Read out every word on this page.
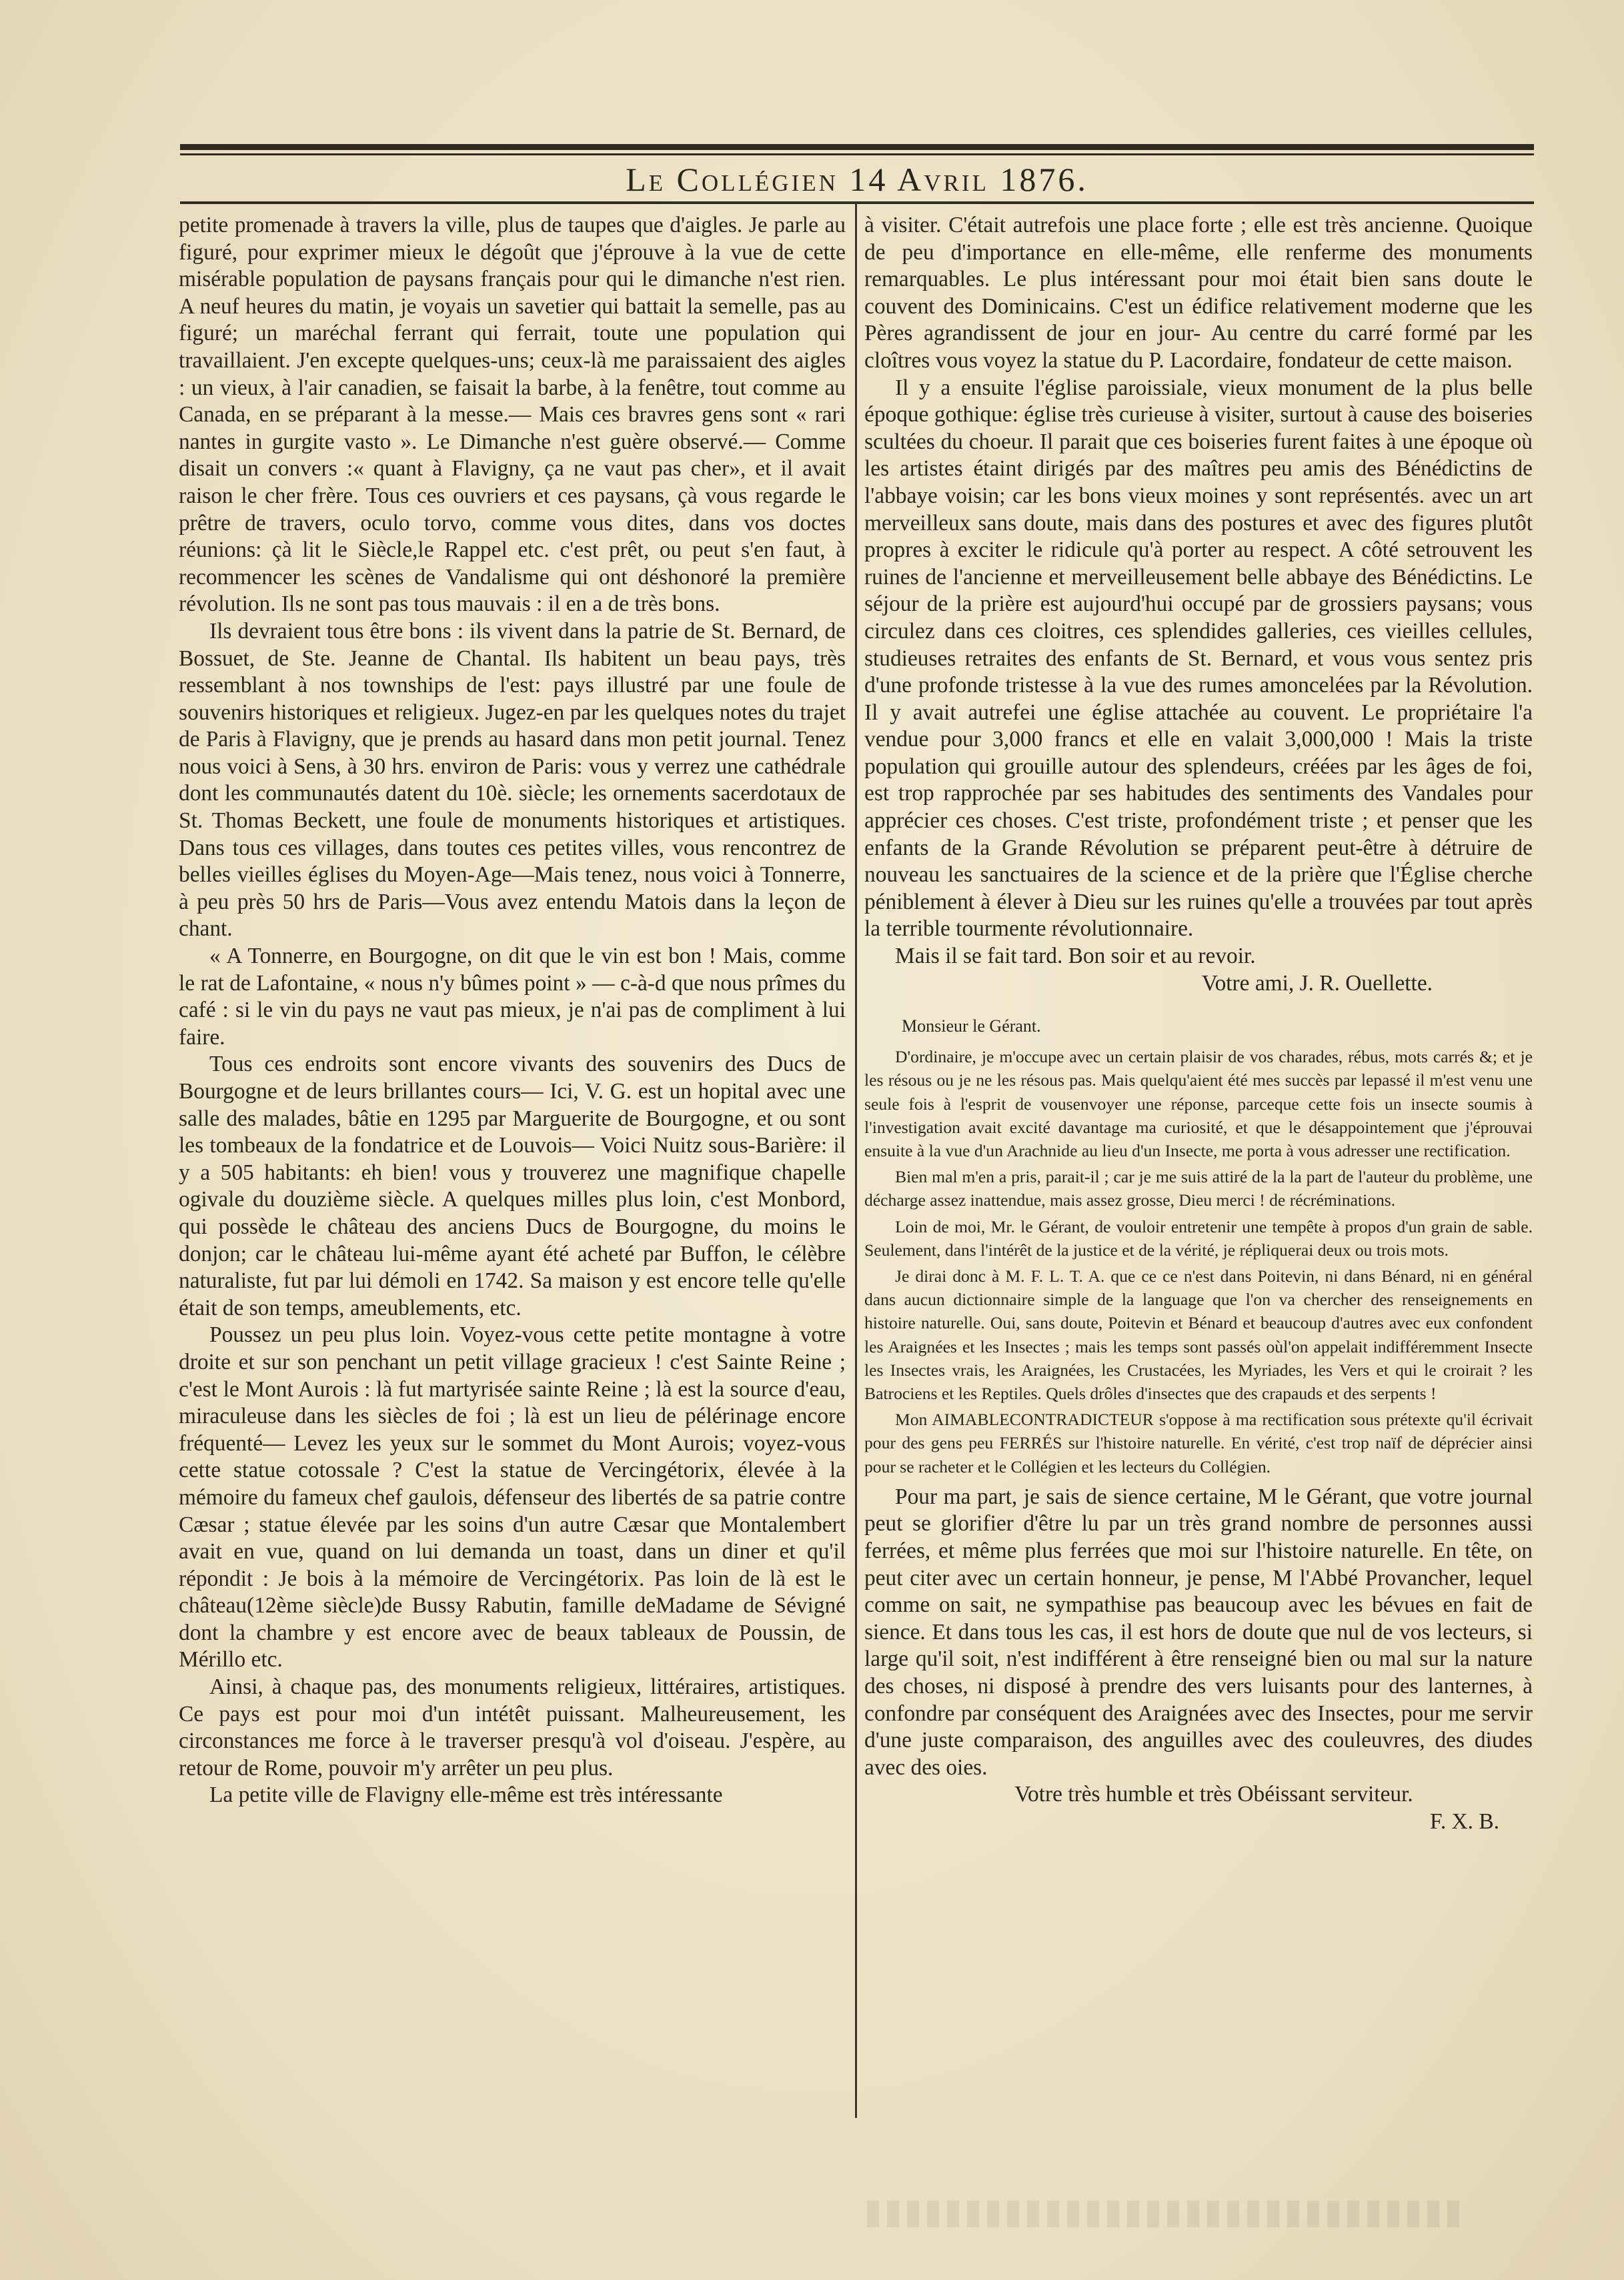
Le Collégien 14 Avril 1876.

petite promenade à travers la ville, plus de taupes que d'aigles. Je parle au figuré, pour exprimer mieux le dégoût que j'éprouve à la vue de cette misérable population de paysans français pour qui le dimanche n'est rien. A neuf heures du matin, je voyais un savetier qui battait la semelle, pas au figuré; un maréchal ferrant qui ferrait, toute une population qui travaillaient. J'en excepte quelques-uns; ceux-là me paraissaient des aigles : un vieux, à l'air canadien, se faisait la barbe, à la fenêtre, tout comme au Canada, en se préparant à la messe.— Mais ces bravres gens sont « rari nantes in gurgite vasto ». Le Dimanche n'est guère observé.— Comme disait un convers :« quant à Flavigny, ça ne vaut pas cher», et il avait raison le cher frère. Tous ces ouvriers et ces paysans, çà vous regarde le prêtre de travers, oculo torvo, comme vous dites, dans vos doctes réunions: çà lit le Siècle,le Rappel etc. c'est prêt, ou peut s'en faut, à recommencer les scènes de Vandalisme qui ont déshonoré la première révolution. Ils ne sont pas tous mauvais : il en a de très bons.

Ils devraient tous être bons : ils vivent dans la patrie de St. Bernard, de Bossuet, de Ste. Jeanne de Chantal. Ils habitent un beau pays, très ressemblant à nos townships de l'est: pays illustré par une foule de souvenirs historiques et religieux. Jugez-en par les quelques notes du trajet de Paris à Flavigny, que je prends au hasard dans mon petit journal. Tenez nous voici à Sens, à 30 hrs. environ de Paris: vous y verrez une cathédrale dont les communautés datent du 10è. siècle; les ornements sacerdotaux de St. Thomas Beckett, une foule de monuments historiques et artistiques. Dans tous ces villages, dans toutes ces petites villes, vous rencontrez de belles vieilles églises du Moyen-Age—Mais tenez, nous voici à Tonnerre, à peu près 50 hrs de Paris—Vous avez entendu Matois dans la leçon de chant.

« A Tonnerre, en Bourgogne, on dit que le vin est bon ! Mais, comme le rat de Lafontaine, « nous n'y bûmes point » — c-à-d que nous prîmes du café : si le vin du pays ne vaut pas mieux, je n'ai pas de compliment à lui faire.

Tous ces endroits sont encore vivants des souvenirs des Ducs de Bourgogne et de leurs brillantes cours— Ici, V. G. est un hopital avec une salle des malades, bâtie en 1295 par Marguerite de Bourgogne, et ou sont les tombeaux de la fondatrice et de Louvois— Voici Nuitz sous-Barière: il y a 505 habitants: eh bien! vous y trouverez une magnifique chapelle ogivale du douzième siècle. A quelques milles plus loin, c'est Monbord, qui possède le château des anciens Ducs de Bourgogne, du moins le donjon; car le château lui-même ayant été acheté par Buffon, le célèbre naturaliste, fut par lui démoli en 1742. Sa maison y est encore telle qu'elle était de son temps, ameublements, etc.

Poussez un peu plus loin. Voyez-vous cette petite montagne à votre droite et sur son penchant un petit village gracieux ! c'est Sainte Reine ; c'est le Mont Aurois : là fut martyrisée sainte Reine ; là est la source d'eau, miraculeuse dans les siècles de foi ; là est un lieu de pélérinage encore fréquenté— Levez les yeux sur le sommet du Mont Aurois; voyez-vous cette statue cotossale ? C'est la statue de Vercingétorix, élevée à la mémoire du fameux chef gaulois, défenseur des libertés de sa patrie contre Cæsar ; statue élevée par les soins d'un autre Cæsar que Montalembert avait en vue, quand on lui demanda un toast, dans un diner et qu'il répondit : Je bois à la mémoire de Vercingétorix. Pas loin de là est le château(12ème siècle)de Bussy Rabutin, famille deMadame de Sévigné dont la chambre y est encore avec de beaux tableaux de Poussin, de Mérillo etc.

Ainsi, à chaque pas, des monuments religieux, littéraires, artistiques. Ce pays est pour moi d'un intétêt puissant. Malheureusement, les circonstances me force à le traverser presqu'à vol d'oiseau. J'espère, au retour de Rome, pouvoir m'y arrêter un peu plus.

La petite ville de Flavigny elle-même est très intéressante

à visiter. C'était autrefois une place forte ; elle est très ancienne. Quoique de peu d'importance en elle-même, elle renferme des monuments remarquables. Le plus intéressant pour moi était bien sans doute le couvent des Dominicains. C'est un édifice relativement moderne que les Pères agrandissent de jour en jour- Au centre du carré formé par les cloîtres vous voyez la statue du P. Lacordaire, fondateur de cette maison.

Il y a ensuite l'église paroissiale, vieux monument de la plus belle époque gothique: église très curieuse à visiter, surtout à cause des boiseries scultées du choeur. Il parait que ces boiseries furent faites à une époque où les artistes étaint dirigés par des maîtres peu amis des Bénédictins de l'abbaye voisin; car les bons vieux moines y sont représentés. avec un art merveilleux sans doute, mais dans des postures et avec des figures plutôt propres à exciter le ridicule qu'à porter au respect. A côté setrouvent les ruines de l'ancienne et merveilleusement belle abbaye des Bénédictins. Le séjour de la prière est aujourd'hui occupé par de grossiers paysans; vous circulez dans ces cloitres, ces splendides galleries, ces vieilles cellules, studieuses retraites des enfants de St. Bernard, et vous vous sentez pris d'une profonde tristesse à la vue des rumes amoncelées par la Révolution. Il y avait autrefei une église attachée au couvent. Le propriétaire l'a vendue pour 3,000 francs et elle en valait 3,000,000 ! Mais la triste population qui grouille autour des splendeurs, créées par les âges de foi, est trop rapprochée par ses habitudes des sentiments des Vandales pour apprécier ces choses. C'est triste, profondément triste ; et penser que les enfants de la Grande Révolution se préparent peut-être à détruire de nouveau les sanctuaires de la science et de la prière que l'Église cherche péniblement à élever à Dieu sur les ruines qu'elle a trouvées par tout après la terrible tourmente révolutionnaire.

Mais il se fait tard. Bon soir et au revoir.

Votre ami, J. R. Ouellette.

Monsieur le Gérant.

D'ordinaire, je m'occupe avec un certain plaisir de vos charades, rébus, mots carrés &; et je les résous ou je ne les résous pas. Mais quelqu'aient été mes succès par lepassé il m'est venu une seule fois à l'esprit de vousenvoyer une réponse, parceque cette fois un insecte soumis à l'investigation avait excité davantage ma curiosité, et que le désappointement que j'éprouvai ensuite à la vue d'un Arachnide au lieu d'un Insecte, me porta à vous adresser une rectification.

Bien mal m'en a pris, parait-il ; car je me suis attiré de la la part de l'auteur du problème, une décharge assez inattendue, mais assez grosse, Dieu merci ! de récréminations.

Loin de moi, Mr. le Gérant, de vouloir entretenir une tempête à propos d'un grain de sable. Seulement, dans l'intérêt de la justice et de la vérité, je répliquerai deux ou trois mots.

Je dirai donc à M. F. L. T. A. que ce ce n'est dans Poitevin, ni dans Bénard, ni en général dans aucun dictionnaire simple de la language que l'on va chercher des renseignements en histoire naturelle. Oui, sans doute, Poitevin et Bénard et beaucoup d'autres avec eux confondent les Araignées et les Insectes ; mais les temps sont passés oùl'on appelait indifféremment Insecte les Insectes vrais, les Araignées, les Crustacées, les Myriades, les Vers et qui le croirait ? les Batrociens et les Reptiles. Quels drôles d'insectes que des crapauds et des serpents !

Mon AIMABLECONTRADICTEUR s'oppose à ma rectification sous prétexte qu'il écrivait pour des gens peu FERRÉS sur l'histoire naturelle. En vérité, c'est trop naïf de déprécier ainsi pour se racheter et le Collégien et les lecteurs du Collégien.

Pour ma part, je sais de sience certaine, M le Gérant, que votre journal peut se glorifier d'être lu par un très grand nombre de personnes aussi ferrées, et même plus ferrées que moi sur l'histoire naturelle. En tête, on peut citer avec un certain honneur, je pense, M l'Abbé Provancher, lequel comme on sait, ne sympathise pas beaucoup avec les bévues en fait de sience. Et dans tous les cas, il est hors de doute que nul de vos lecteurs, si large qu'il soit, n'est indifférent à être renseigné bien ou mal sur la nature des choses, ni disposé à prendre des vers luisants pour des lanternes, à confondre par conséquent des Araignées avec des Insectes, pour me servir d'une juste comparaison, des anguilles avec des couleuvres, des diudes avec des oies.

Votre très humble et très Obéissant serviteur.

F. X. B.
